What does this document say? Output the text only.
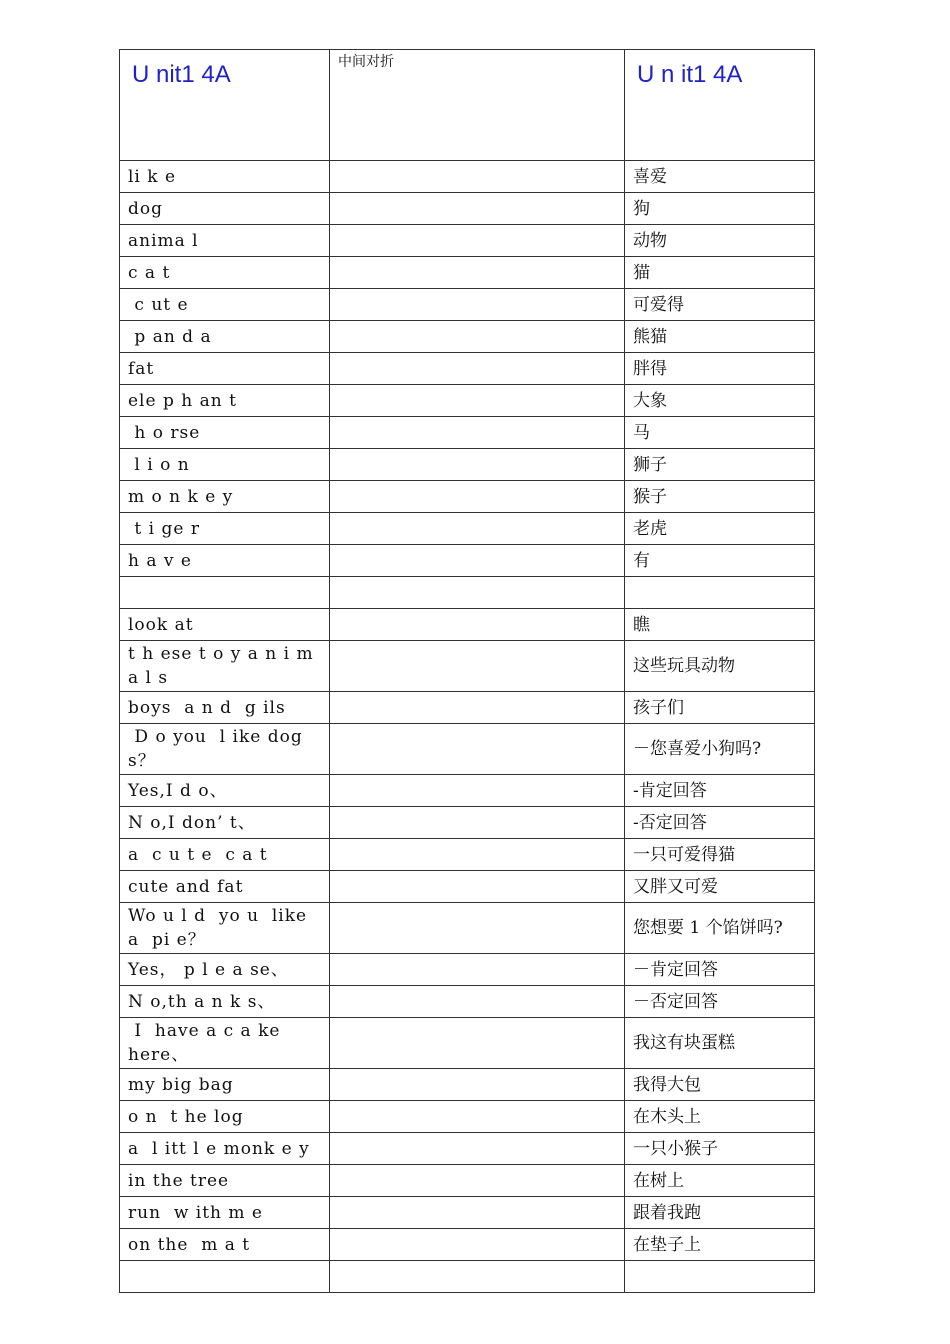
U nit1 4A	中间对折	U n it1 4A
li k e		喜爱
dog		狗
anima l		动物
c a t		猫
c ut e		可爱得
p an d a		熊猫
fat		胖得
ele p h an t		大象
h o rse		马
l i o n		狮子
m o n k e y		猴子
t i ge r		老虎
h a v e		有

look at		瞧
t h ese t o y a n i m a l s		这些玩具动物
boys  a n d  g ils		孩子们
D o you  l ike dog s？		－您喜爱小狗吗?
Yes,I d o、		-肯定回答
N o,I don’ t、		-否定回答
a  c u t e  c a t		一只可爱得猫
cute and fat		又胖又可爱
Wo u l d  yo u  like  a  pi e？		您想要 1 个馅饼吗?
Yes， p l e a se、		－肯定回答
N o,th a n k s、		－否定回答
I  have a c a ke here、		我这有块蛋糕
my big bag		我得大包
o n  t he log		在木头上
a  l itt l e monk e y		一只小猴子
in the tree		在树上
run  w ith m e		跟着我跑
on the  m a t		在垫子上
